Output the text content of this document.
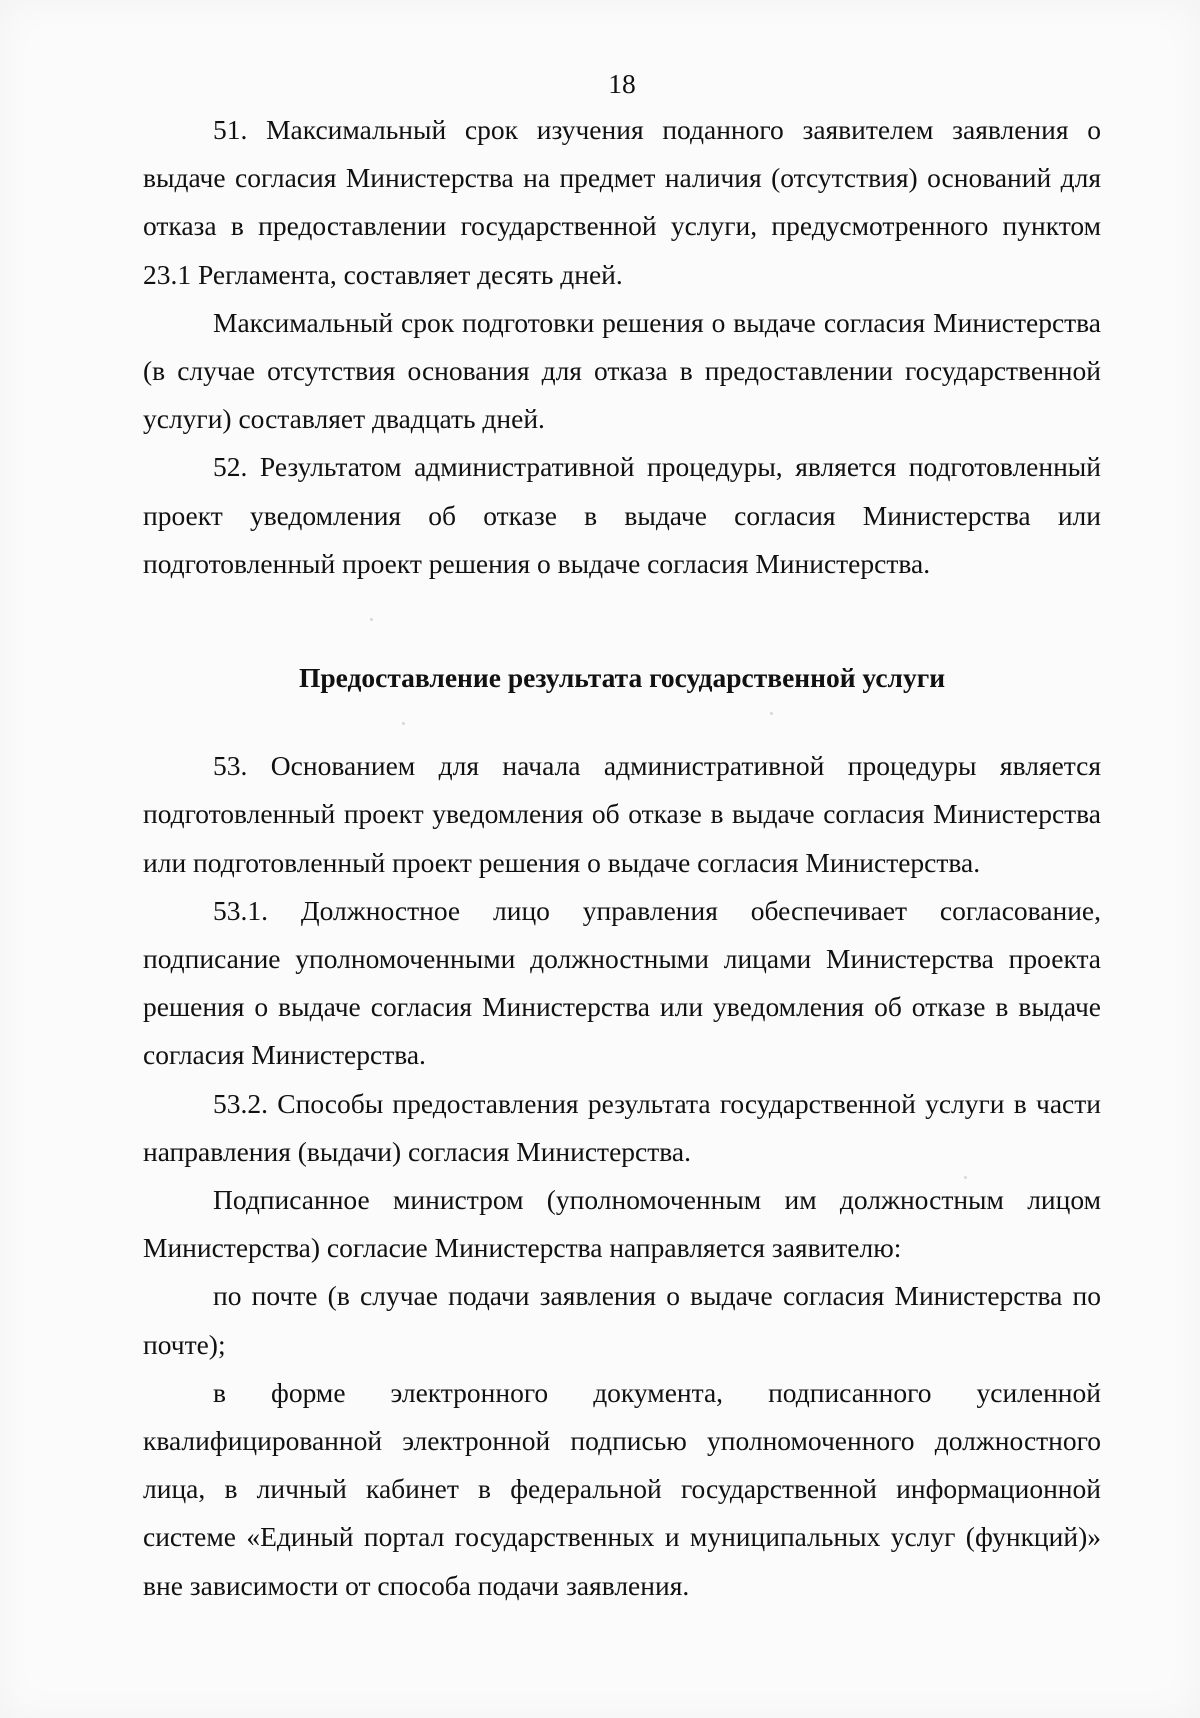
18

51. Максимальный срок изучения поданного заявителем заявления о выдаче согласия Министерства на предмет наличия (отсутствия) оснований для отказа в предоставлении государственной услуги, предусмотренного пунктом 23.1 Регламента, составляет десять дней.

Максимальный срок подготовки решения о выдаче согласия Министерства (в случае отсутствия основания для отказа в предоставлении государственной услуги) составляет двадцать дней.

52. Результатом административной процедуры, является подготовленный проект уведомления об отказе в выдаче согласия Министерства или подготовленный проект решения о выдаче согласия Министерства.

Предоставление результата государственной услуги

53. Основанием для начала административной процедуры является подготовленный проект уведомления об отказе в выдаче согласия Министерства или подготовленный проект решения о выдаче согласия Министерства.

53.1. Должностное лицо управления обеспечивает согласование, подписание уполномоченными должностными лицами Министерства проекта решения о выдаче согласия Министерства или уведомления об отказе в выдаче согласия Министерства.

53.2. Способы предоставления результата государственной услуги в части направления (выдачи) согласия Министерства.

Подписанное министром (уполномоченным им должностным лицом Министерства) согласие Министерства направляется заявителю:

по почте (в случае подачи заявления о выдаче согласия Министерства по почте);

в форме электронного документа, подписанного усиленной квалифицированной электронной подписью уполномоченного должностного лица, в личный кабинет в федеральной государственной информационной системе «Единый портал государственных и муниципальных услуг (функций)» вне зависимости от способа подачи заявления.
